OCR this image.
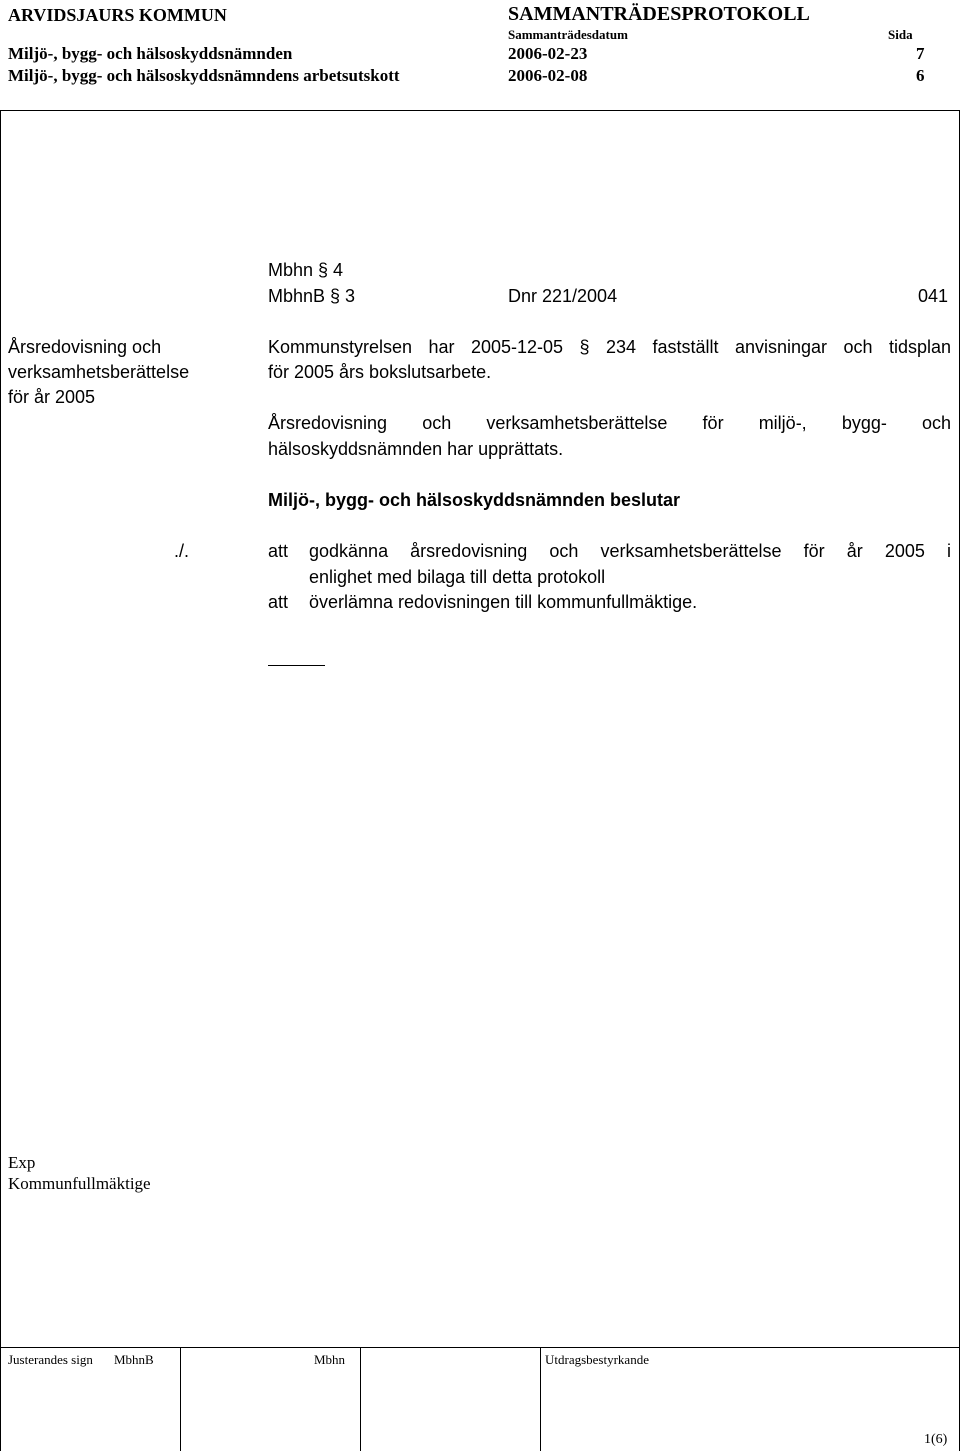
ARVIDSJAURS KOMMUN	SAMMANTRÄDESPROTOKOLL
Sammanträdesdatum	Sida
Miljö-, bygg- och hälsoskyddsnämnden	2006-02-23	7
Miljö-, bygg- och hälsoskyddsnämndens arbetsutskott	2006-02-08	6
Mbhn § 4
MbhnB § 3	Dnr 221/2004	041
Årsredovisning och
verksamhetsberättelse
för år 2005
Kommunstyrelsen har 2005-12-05 § 234 fastställt anvisningar och tidsplan
för 2005 års bokslutsarbete.
Årsredovisning och verksamhetsberättelse för miljö-, bygg- och
hälsoskyddsnämnden har upprättats.
Miljö-, bygg- och hälsoskyddsnämnden beslutar
./.	att godkänna årsredovisning och verksamhetsberättelse för år 2005 i
enlighet med bilaga till detta protokoll
att överlämna redovisningen till kommunfullmäktige.
Exp
Kommunfullmäktige
Justerandes sign MbhnB	Mbhn	Utdragsbestyrkande
1(6)
